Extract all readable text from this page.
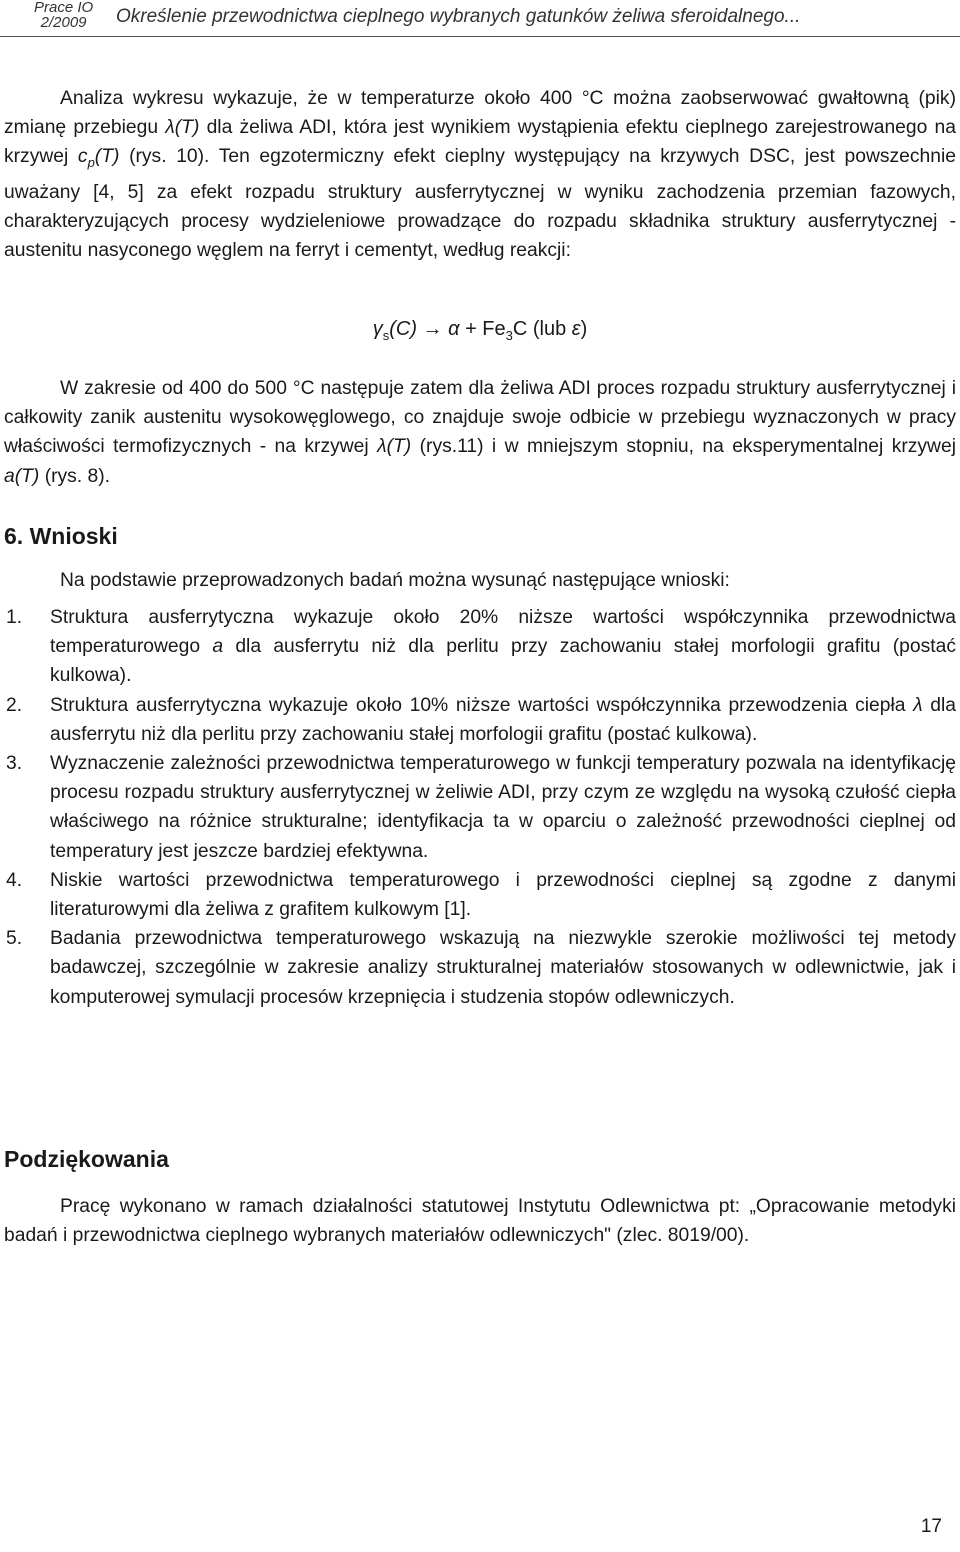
Prace IO
2/2009	Określenie przewodnictwa cieplnego wybranych gatunków żeliwa sferoidalnego...

Analiza wykresu wykazuje, że w temperaturze około 400 °C można zaobserwować gwałtowną (pik) zmianę przebiegu λ(T) dla żeliwa ADI, która jest wynikiem wystąpienia efektu cieplnego zarejestrowanego na krzywej $c_p(T)$ (rys. 10). Ten egzotermiczny efekt cieplny występujący na krzywych DSC, jest powszechnie uważany [4, 5] za efekt rozpadu struktury ausferrytycznej w wyniku zachodzenia przemian fazowych, charakteryzujących procesy wydzieleniowe prowadzące do rozpadu składnika struktury ausferrytycznej - austenitu nasyconego węglem na ferryt i cementyt, według reakcji:

$\gamma_s(C) \to \alpha + Fe_3C$ (lub ε)

W zakresie od 400 do 500 °C następuje zatem dla żeliwa ADI proces rozpadu struktury ausferrytycznej i całkowity zanik austenitu wysokowęglowego, co znajduje swoje odbicie w przebiegu wyznaczonych w pracy właściwości termofizycznych - na krzywej λ(T) (rys.11) i w mniejszym stopniu, na eksperymentalnej krzywej a(T) (rys. 8).

6. Wnioski

Na podstawie przeprowadzonych badań można wysunąć następujące wnioski:

1. Struktura ausferrytyczna wykazuje około 20% niższe wartości współczynnika przewodnictwa temperaturowego a dla ausferrytu niż dla perlitu przy zachowaniu stałej morfologii grafitu (postać kulkowa).
2. Struktura ausferrytyczna wykazuje około 10% niższe wartości współczynnika przewodzenia ciepła λ dla ausferrytu niż dla perlitu przy zachowaniu stałej morfologii grafitu (postać kulkowa).
3. Wyznaczenie zależności przewodnictwa temperaturowego w funkcji temperatury pozwala na identyfikację procesu rozpadu struktury ausferrytycznej w żeliwie ADI, przy czym ze względu na wysoką czułość ciepła właściwego na różnice strukturalne; identyfikacja ta w oparciu o zależność przewodności cieplnej od temperatury jest jeszcze bardziej efektywna.
4. Niskie wartości przewodnictwa temperaturowego i przewodności cieplnej są zgodne z danymi literaturowymi dla żeliwa z grafitem kulkowym [1].
5. Badania przewodnictwa temperaturowego wskazują na niezwykle szerokie możliwości tej metody badawczej, szczególnie w zakresie analizy strukturalnej materiałów stosowanych w odlewnictwie, jak i komputerowej symulacji procesów krzepnięcia i studzenia stopów odlewniczych.
Podziękowania

Pracę wykonano w ramach działalności statutowej Instytutu Odlewnictwa pt: „Opracowanie metodyki badań i przewodnictwa cieplnego wybranych materiałów odlewniczych" (zlec. 8019/00).

17
